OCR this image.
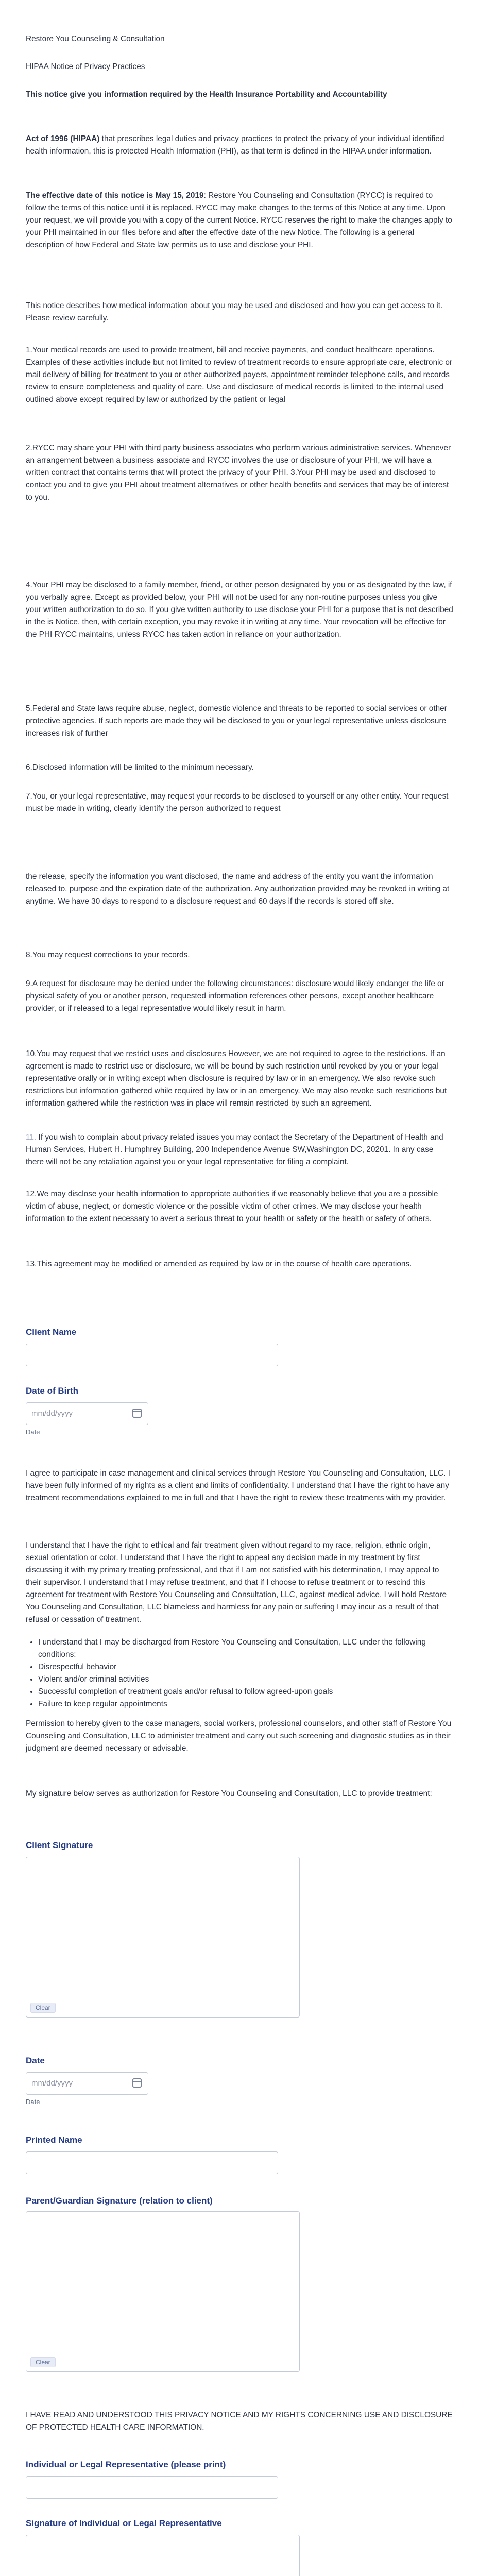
Restore You Counseling & Consultation

HIPAA Notice of Privacy Practices

This notice give you information required by the Health Insurance Portability and Accountability

Act of 1996 (HIPAA) that prescribes legal duties and privacy practices to protect the privacy of your individual identified health information, this is protected Health Information (PHI), as that term is defined in the HIPAA under information.

The effective date of this notice is May 15, 2019: Restore You Counseling and Consultation (RYCC) is required to follow the terms of this notice until it is replaced. RYCC may make changes to the terms of this Notice at any time. Upon your request, we will provide you with a copy of the current Notice. RYCC reserves the right to make the changes apply to your PHI maintained in our files before and after the effective date of the new Notice. The following is a general description of how Federal and State law permits us to use and disclose your PHI.

This notice describes how medical information about you may be used and disclosed and how you can get access to it. Please review carefully.

1.Your medical records are used to provide treatment, bill and receive payments, and conduct healthcare operations. Examples of these activities include but not limited to review of treatment records to ensure appropriate care, electronic or mail delivery of billing for treatment to you or other authorized payers, appointment reminder telephone calls, and records review to ensure completeness and quality of care. Use and disclosure of medical records is limited to the internal used outlined above except required by law or authorized by the patient or legal

2.RYCC may share your PHI with third party business associates who perform various administrative services. Whenever an arrangement between a business associate and RYCC involves the use or disclosure of your PHI, we will have a written contract that contains terms that will protect the privacy of your PHI. 3.Your PHI may be used and disclosed to contact you and to give you PHI about treatment alternatives or other health benefits and services that may be of interest to you.

4.Your PHI may be disclosed to a family member, friend, or other person designated by you or as designated by the law, if you verbally agree. Except as provided below, your PHI will not be used for any non-routine purposes unless you give your written authorization to do so. If you give written authority to use disclose your PHI for a purpose that is not described in the is Notice, then, with certain exception, you may revoke it in writing at any time. Your revocation will be effective for the PHI RYCC maintains, unless RYCC has taken action in reliance on your authorization.

5.Federal and State laws require abuse, neglect, domestic violence and threats to be reported to social services or other protective agencies. If such reports are made they will be disclosed to you or your legal representative unless disclosure increases risk of further

6.Disclosed information will be limited to the minimum necessary.

7.You, or your legal representative, may request your records to be disclosed to yourself or any other entity. Your request must be made in writing, clearly identify the person authorized to request

the release, specify the information you want disclosed, the name and address of the entity you want the information released to, purpose and the expiration date of the authorization. Any authorization provided may be revoked in writing at anytime. We have 30 days to respond to a disclosure request and 60 days if the records is stored off site.

8.You may request corrections to your records.

9.A request for disclosure may be denied under the following circumstances: disclosure would likely endanger the life or physical safety of you or another person, requested information references other persons, except another healthcare provider, or if released to a legal representative would likely result in harm.

10.You may request that we restrict uses and disclosures However, we are not required to agree to the restrictions. If an agreement is made to restrict use or disclosure, we will be bound by such restriction until revoked by you or your legal representative orally or in writing except when disclosure is required by law or in an emergency. We also revoke such restrictions but information gathered while required by law or in an emergency. We may also revoke such restrictions but information gathered while the restriction was in place will remain restricted by such an agreement.

11. If you wish to complain about privacy related issues you may contact the Secretary of the Department of Health and Human Services, Hubert H. Humphrey Building, 200 Independence Avenue SW,Washington DC, 20201. In any case there will not be any retaliation against you or your legal representative for filing a complaint.

12.We may disclose your health information to appropriate authorities if we reasonably believe that you are a possible victim of abuse, neglect, or domestic violence or the possible victim of other crimes. We may disclose your health information to the extent necessary to avert a serious threat to your health or safety or the health or safety of others.

13.This agreement may be modified or amended as required by law or in the course of health care operations.

Client Name
Date of Birth
mm/dd/yyyy
Date

I agree to participate in case management and clinical services through Restore You Counseling and Consultation, LLC. I have been fully informed of my rights as a client and limits of confidentiality. I understand that I have the right to have any treatment recommendations explained to me in full and that I have the right to review these treatments with my provider.

I understand that I have the right to ethical and fair treatment given without regard to my race, religion, ethnic origin, sexual orientation or color. I understand that I have the right to appeal any decision made in my treatment by first discussing it with my primary treating professional, and that if I am not satisfied with his determination, I may appeal to their supervisor. I understand that I may refuse treatment, and that if I choose to refuse treatment or to rescind this agreement for treatment with Restore You Counseling and Consultation, LLC, against medical advice, I will hold Restore You Counseling and Consultation, LLC blameless and harmless for any pain or suffering I may incur as a result of that refusal or cessation of treatment.

• I understand that I may be discharged from Restore You Counseling and Consultation, LLC under the following conditions:
• Disrespectful behavior
• Violent and/or criminal activities
• Successful completion of treatment goals and/or refusal to follow agreed-upon goals
• Failure to keep regular appointments

Permission to hereby given to the case managers, social workers, professional counselors, and other staff of Restore You Counseling and Consultation, LLC to administer treatment and carry out such screening and diagnostic studies as in their judgment are deemed necessary or advisable.

My signature below serves as authorization for Restore You Counseling and Consultation, LLC to provide treatment:

Client Signature
Clear
Date
mm/dd/yyyy
Date
Printed Name
Parent/Guardian Signature (relation to client)
Clear

I HAVE READ AND UNDERSTOOD THIS PRIVACY NOTICE AND MY RIGHTS CONCERNING USE AND DISCLOSURE OF PROTECTED HEALTH CARE INFORMATION.

Individual or Legal Representative (please print)
Signature of Individual or Legal Representative
